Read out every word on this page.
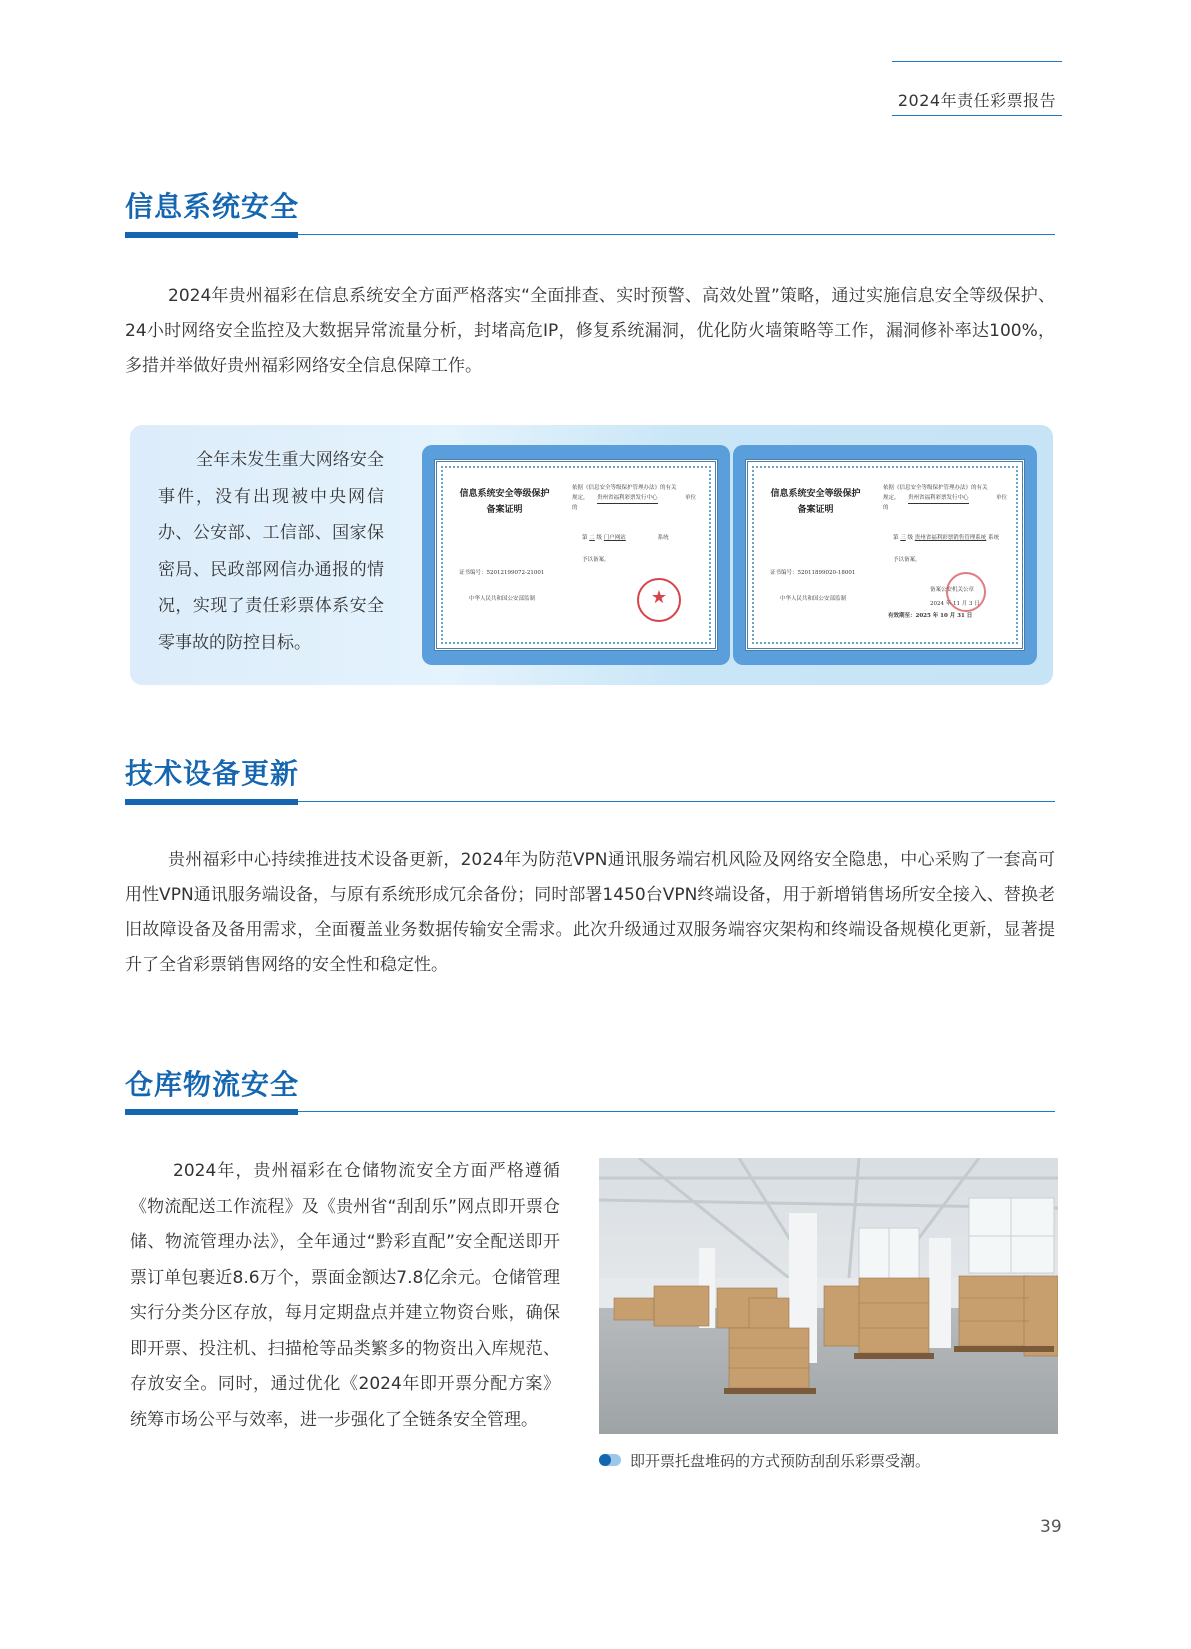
2024年责任彩票报告
信息系统安全

2024年贵州福彩在信息系统安全方面严格落实“全面排查、实时预警、高效处置”策略，通过实施信息安全等级保护、24小时网络安全监控及大数据异常流量分析，封堵高危IP，修复系统漏洞，优化防火墙策略等工作，漏洞修补率达100%，多措并举做好贵州福彩网络安全信息保障工作。

全年未发生重大网络安全事件，没有出现被中央网信办、公安部、工信部、国家保密局、民政部网信办通报的情况，实现了责任彩票体系安全零事故的防控目标。

信息系统安全等级保护
备案证明
依据《信息安全等级保护管理办法》的有关
规定， 贵州省福利彩票发行中心	单位
的
第 二 级 门户网站	系统
予以备案。
证书编号：52012199072-21001
中华人民共和国公安部监制	★
信息系统安全等级保护
备案证明
依据《信息安全等级保护管理办法》的有关
规定， 贵州省福利彩票发行中心	单位
的
第 三 级 贵州省福利彩票销售管理系统 系统
予以备案。
证书编号：52011899020-18001
中华人民共和国公安部监制
备案公安机关公章
2024 年 11 月 3 日
有效期至：2025 年 10 月 31 日
技术设备更新

贵州福彩中心持续推进技术设备更新，2024年为防范VPN通讯服务端宕机风险及网络安全隐患，中心采购了一套高可用性VPN通讯服务端设备，与原有系统形成冗余备份；同时部署1450台VPN终端设备，用于新增销售场所安全接入、替换老旧故障设备及备用需求，全面覆盖业务数据传输安全需求。此次升级通过双服务端容灾架构和终端设备规模化更新，显著提升了全省彩票销售网络的安全性和稳定性。

仓库物流安全

2024年，贵州福彩在仓储物流安全方面严格遵循《物流配送工作流程》及《贵州省“刮刮乐”网点即开票仓储、物流管理办法》，全年通过“黔彩直配”安全配送即开票订单包裹近8.6万个，票面金额达7.8亿余元。仓储管理实行分类分区存放，每月定期盘点并建立物资台账，确保即开票、投注机、扫描枪等品类繁多的物资出入库规范、存放安全。同时，通过优化《2024年即开票分配方案》统筹市场公平与效率，进一步强化了全链条安全管理。

即开票托盘堆码的方式预防刮刮乐彩票受潮。
39
